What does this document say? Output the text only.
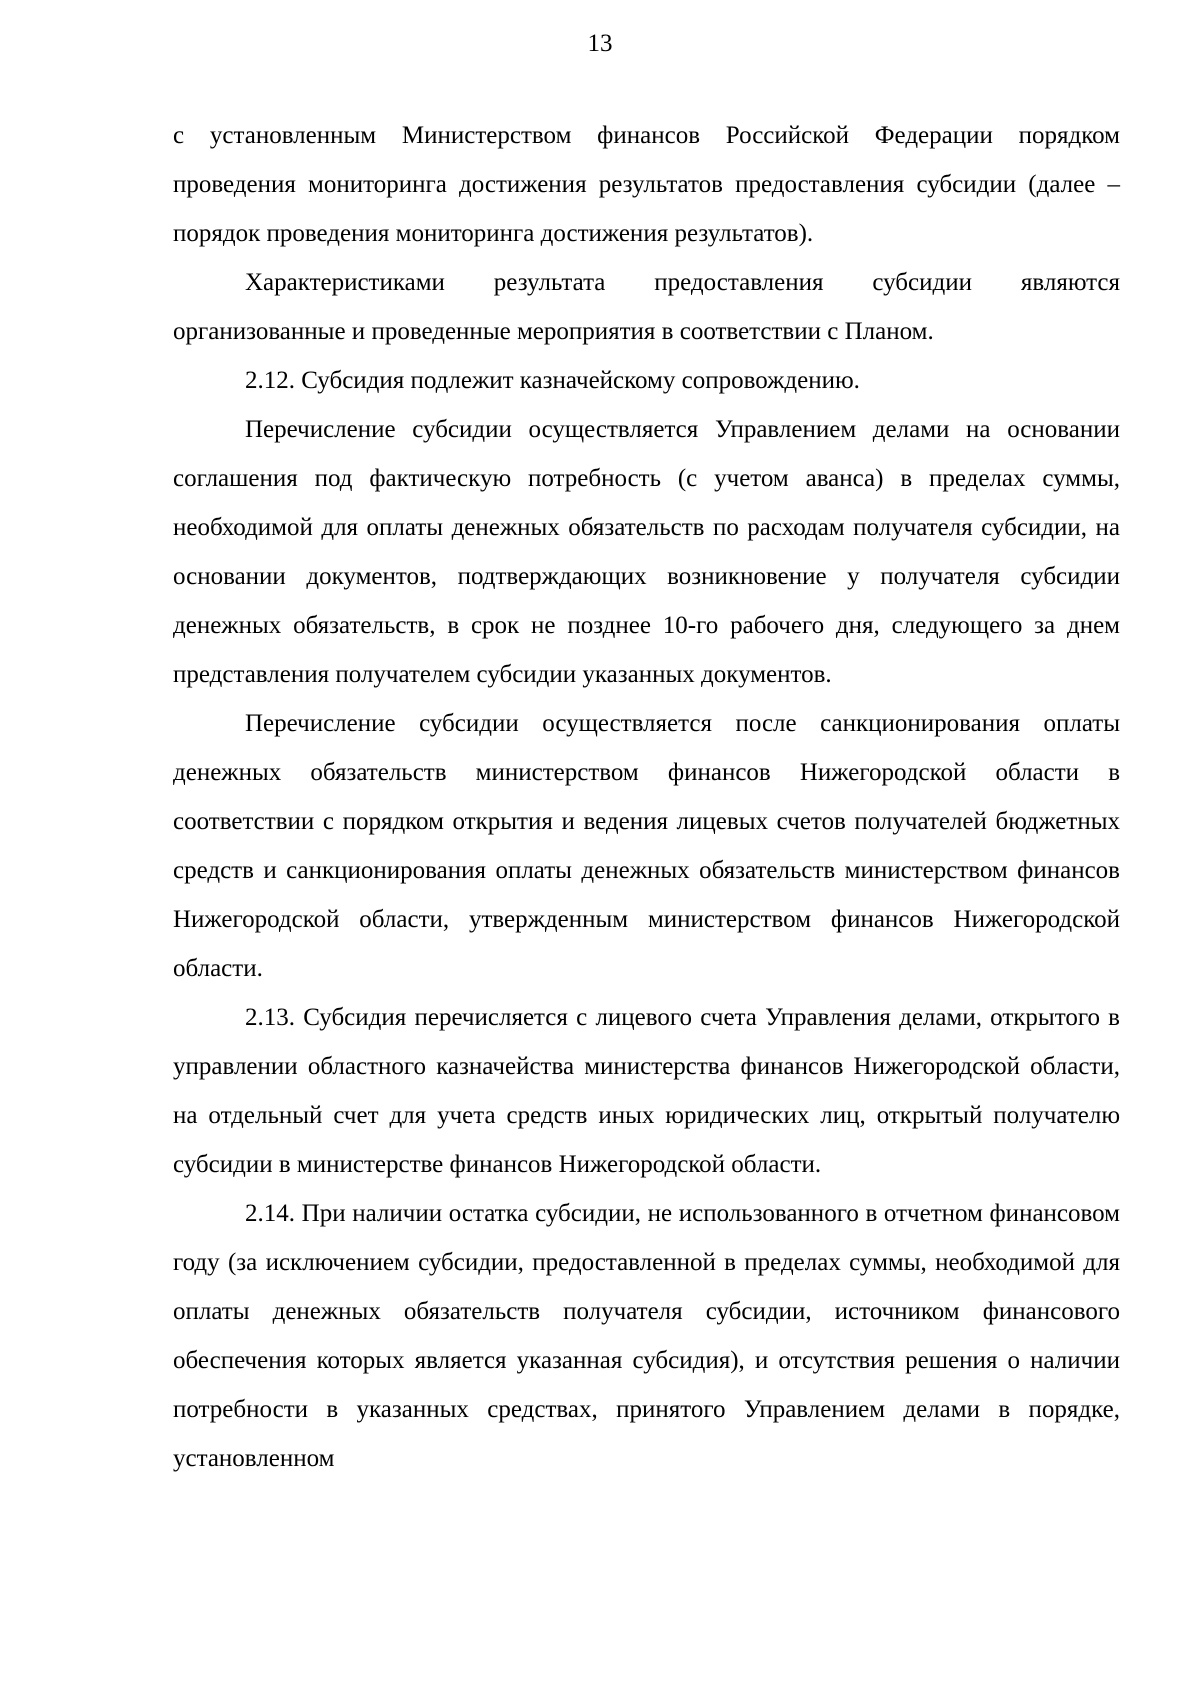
13

с установленным Министерством финансов Российской Федерации порядком проведения мониторинга достижения результатов предоставления субсидии (далее – порядок проведения мониторинга достижения результатов).

Характеристиками результата предоставления субсидии являются организованные и проведенные мероприятия в соответствии с Планом.

2.12. Субсидия подлежит казначейскому сопровождению.

Перечисление субсидии осуществляется Управлением делами на основании соглашения под фактическую потребность (с учетом аванса) в пределах суммы, необходимой для оплаты денежных обязательств по расходам получателя субсидии, на основании документов, подтверждающих возникновение у получателя субсидии денежных обязательств, в срок не позднее 10-го рабочего дня, следующего за днем представления получателем субсидии указанных документов.

Перечисление субсидии осуществляется после санкционирования оплаты денежных обязательств министерством финансов Нижегородской области в соответствии с порядком открытия и ведения лицевых счетов получателей бюджетных средств и санкционирования оплаты денежных обязательств министерством финансов Нижегородской области, утвержденным министерством финансов Нижегородской области.

2.13. Субсидия перечисляется с лицевого счета Управления делами, открытого в управлении областного казначейства министерства финансов Нижегородской области, на отдельный счет для учета средств иных юридических лиц, открытый получателю субсидии в министерстве финансов Нижегородской области.

2.14. При наличии остатка субсидии, не использованного в отчетном финансовом году (за исключением субсидии, предоставленной в пределах суммы, необходимой для оплаты денежных обязательств получателя субсидии, источником финансового обеспечения которых является указанная субсидия), и отсутствия решения о наличии потребности в указанных средствах, принятого Управлением делами в порядке, установленном
